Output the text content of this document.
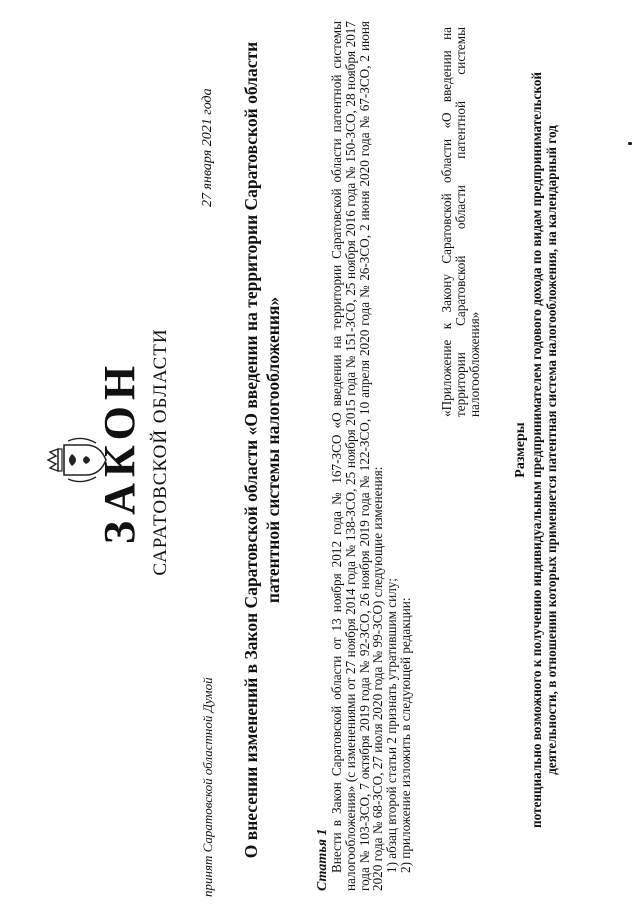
ЗАКОН САРАТОВСКОЙ ОБЛАСТИ
принят Саратовской областной Думой
27 января 2021 года О внесении изменений в Закон Саратовской области «О введении на территории Саратовской области патентной системы налогообложения»
Статья 1 Внести в Закон Саратовской области от 13 ноября 2012 года № 167-ЗСО «О введении на территории Саратовской области патентной системы налогообложения» (с изменениями от 27 ноября 2014 года № 138-ЗСО, 25 ноября 2015 года № 151-ЗСО, 25 ноября 2016 года № 150-ЗСО, 28 ноября 2017 года № 103-ЗСО, 7 октября 2019 года № 92-ЗСО, 26 ноября 2019 года № 122-ЗСО, 10 апреля 2020 года № 26-ЗСО, 2 июня 2020 года № 67-ЗСО, 2 июня 2020 года № 68-ЗСО, 27 июля 2020 года № 99-ЗСО) следующие изменения:

1) абзац второй статьи 2 признать утратившим силу;

2) приложение изложить в следующей редакции:

«Приложение к Закону Саратовской области «О введении на территории Саратовской области патентной системы налогообложения»
Размеры потенциально возможного к получению индивидуальным предпринимателем годового дохода по видам предпринимательской деятельности, в отношении которых применяется патентная система налогообложения, на календарный год
